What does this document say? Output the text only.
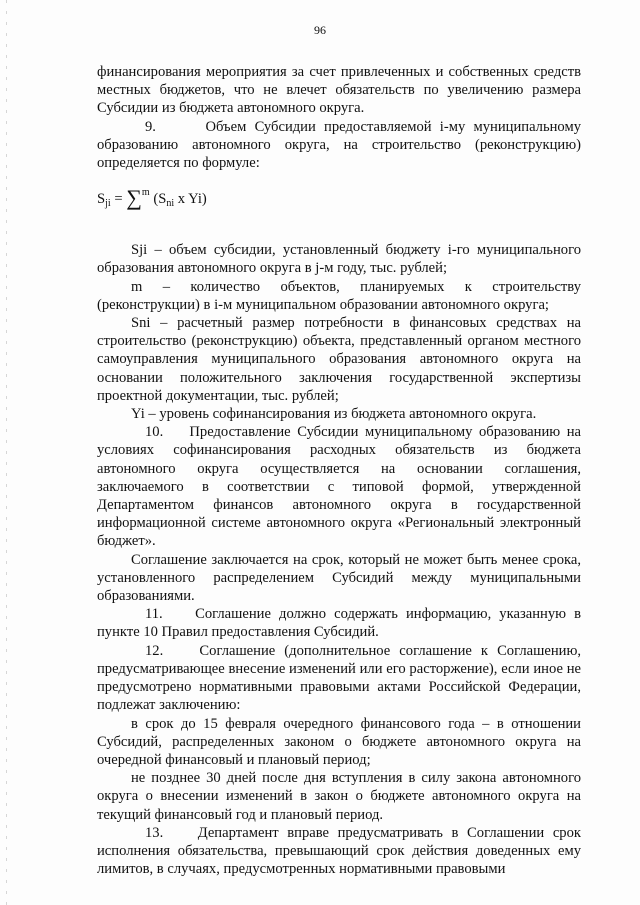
96

финансирования мероприятия за счет привлеченных и собственных средств местных бюджетов, что не влечет обязательств по увеличению размера Субсидии из бюджета автономного округа.

9.      Объем Субсидии предоставляемой i-му муниципальному образованию автономного округа, на строительство (реконструкцию) определяется по формуле:

$S_{ji} = \sum^m$ ($S_{ni}$ x Yi)

Sji – объем субсидии, установленный бюджету i-го муниципального образования автономного округа в j-м году, тыс. рублей;

m   –   количество   объектов,   планируемых   к   строительству (реконструкции) в i-м муниципальном образовании автономного округа;

Sni – расчетный размер потребности в финансовых средствах на строительство (реконструкцию) объекта, представленный органом местного самоуправления муниципального образования автономного округа на основании положительного заключения государственной экспертизы проектной документации, тыс. рублей;

Yi – уровень софинансирования из бюджета автономного округа.

10.    Предоставление Субсидии муниципальному образованию на условиях софинансирования расходных обязательств из бюджета автономного округа осуществляется на основании соглашения, заключаемого в соответствии с типовой формой, утвержденной Департаментом финансов автономного округа в государственной информационной системе автономного округа «Региональный электронный бюджет».

Соглашение заключается на срок, который не может быть менее срока, установленного распределением Субсидий между муниципальными образованиями.

11.    Соглашение должно содержать информацию, указанную в пункте 10 Правил предоставления Субсидий.

12.    Соглашение (дополнительное соглашение к Соглашению, предусматривающее внесение изменений или его расторжение), если иное не предусмотрено нормативными правовыми актами Российской Федерации, подлежат заключению:

в срок до 15 февраля очередного финансового года – в отношении Субсидий, распределенных законом о бюджете автономного округа на очередной финансовый и плановый период;

не позднее 30 дней после дня вступления в силу закона автономного округа о внесении изменений в закон о бюджете автономного округа на текущий финансовый год и плановый период.

13.    Департамент вправе предусматривать в Соглашении срок исполнения обязательства, превышающий срок действия доведенных ему лимитов, в случаях, предусмотренных нормативными правовыми
